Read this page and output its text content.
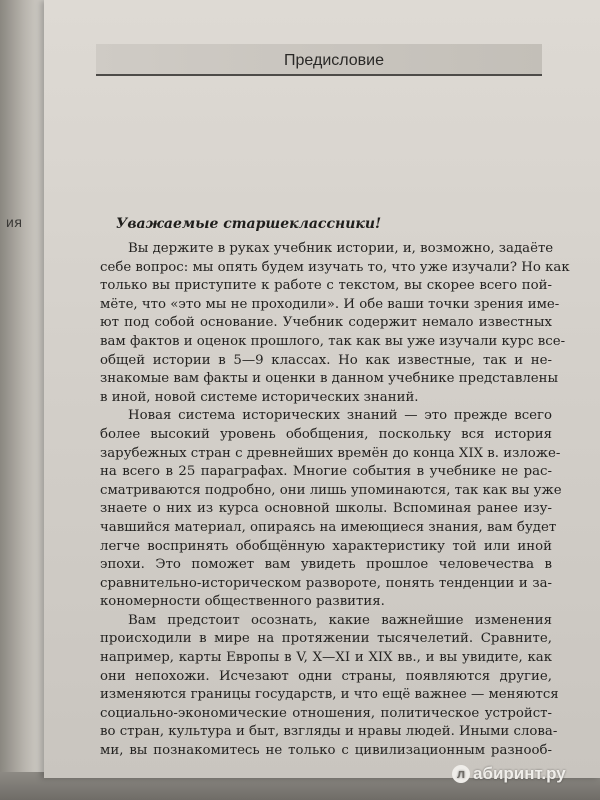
ия
Предисловие
Уважаемые старшеклассники!
Вы держите в руках учебник истории, и, возможно, задаёте
себе вопрос: мы опять будем изучать то, что уже изучали? Но как
только вы приступите к работе с текстом, вы скорее всего пой-
мёте, что «это мы не проходили». И обе ваши точки зрения име-
ют под собой основание. Учебник содержит немало известных
вам фактов и оценок прошлого, так как вы уже изучали курс все-
общей истории в 5—9 классах. Но как известные, так и не-
знакомые вам факты и оценки в данном учебнике представлены
в иной, новой системе исторических знаний.
Новая система исторических знаний — это прежде всего
более высокий уровень обобщения, поскольку вся история
зарубежных стран с древнейших времён до конца XIX в. изложе-
на всего в 25 параграфах. Многие события в учебнике не рас-
сматриваются подробно, они лишь упоминаются, так как вы уже
знаете о них из курса основной школы. Вспоминая ранее изу-
чавшийся материал, опираясь на имеющиеся знания, вам будет
легче воспринять обобщённую характеристику той или иной
эпохи. Это поможет вам увидеть прошлое человечества в
сравнительно-историческом развороте, понять тенденции и за-
кономерности общественного развития.
Вам предстоит осознать, какие важнейшие изменения
происходили в мире на протяжении тысячелетий. Сравните,
например, карты Европы в V, X—XI и XIX вв., и вы увидите, как
они непохожи. Исчезают одни страны, появляются другие,
изменяются границы государств, и что ещё важнее — меняются
социально-экономические отношения, политическое устройст-
во стран, культура и быт, взгляды и нравы людей. Иными слова-
ми, вы познакомитесь не только с цивилизационным разнооб-
л абиринт.ру
